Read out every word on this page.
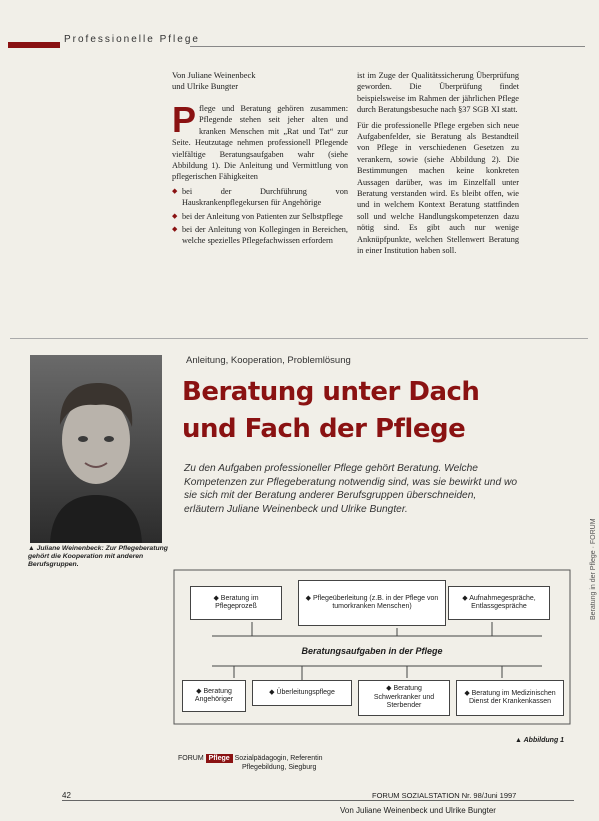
Professionelle Pflege
Von Juliane Weinenbeck
und Ulrike Bungter

Pflege und Beratung gehören zusammen: Pflegende stehen seit jeher alten und kranken Menschen mit „Rat und Tat“ zur Seite. Heutzutage nehmen professionell Pflegende vielfältige Beratungsaufgaben wahr (siehe Abbildung 1). Die Anleitung und Vermittlung von pflegerischen Fähigkeiten

◆ bei der Durchführung von Hauskrankenpflegekursen für Angehörige
◆ bei der Anleitung von Patienten zur Selbstpflege
◆ bei der Anleitung von Kollegingen in Bereichen, welche spezielles Pflegefachwissen erfordern

ist im Zuge der Qualitätssicherung Überprüfung geworden. Die Überprüfung findet beispielsweise im Rahmen der jährlichen Pflege durch Beratungsbesuche nach §37 SGB XI statt.

Für die professionelle Pflege ergeben sich neue Aufgabenfelder, sie Beratung als Bestandteil von Pflege in verschiedenen Gesetzen zu verankern, sowie (siehe Abbildung 2). Die Bestimmungen machen keine konkreten Aussagen darüber, was im Einzelfall unter Beratung verstanden wird. Es bleibt offen, wie und in welchem Kontext Beratung stattfinden soll und welche Handlungskompetenzen dazu nötig sind. Es gibt auch nur wenige Anknüpfpunkte, welchen Stellenwert Beratung in einer Institution haben soll.

▲ Juliane Weinenbeck: Zur Pflegeberatung gehört die Kooperation mit anderen Berufsgruppen.
Anleitung, Kooperation, Problemlösung
Beratung unter Dach
und Fach der Pflege
Zu den Aufgaben professioneller Pflege gehört Beratung. Welche Kompetenzen zur Pflegeberatung notwendig sind, was sie bewirkt und wo sie sich mit der Beratung anderer Berufsgruppen überschneiden, erläutern Juliane Weinenbeck und Ulrike Bungter.
◆ Beratung im Pflegeprozeß
◆ Pflegeüberleitung (z.B. in der Pflege von tumorkranken Menschen)
◆ Aufnahmegespräche, Entlassgespräche
Beratungsaufgaben in der Pflege
◆ Beratung Angehöriger
◆ Überleitungspflege	◆ Beratung Schwerkranker und Sterbender
◆ Beratung im Medizinischen Dienst der Krankenkassen
▲ Abbildung 1
FORUM Pflege Sozialpädagogin, Referentin
Pflegebildung, Siegburg
42	FORUM SOZIALSTATION Nr. 98/Juni 1997
Von Juliane Weinenbeck und Ulrike Bungter
Beratung in der Pflege · FORUM
